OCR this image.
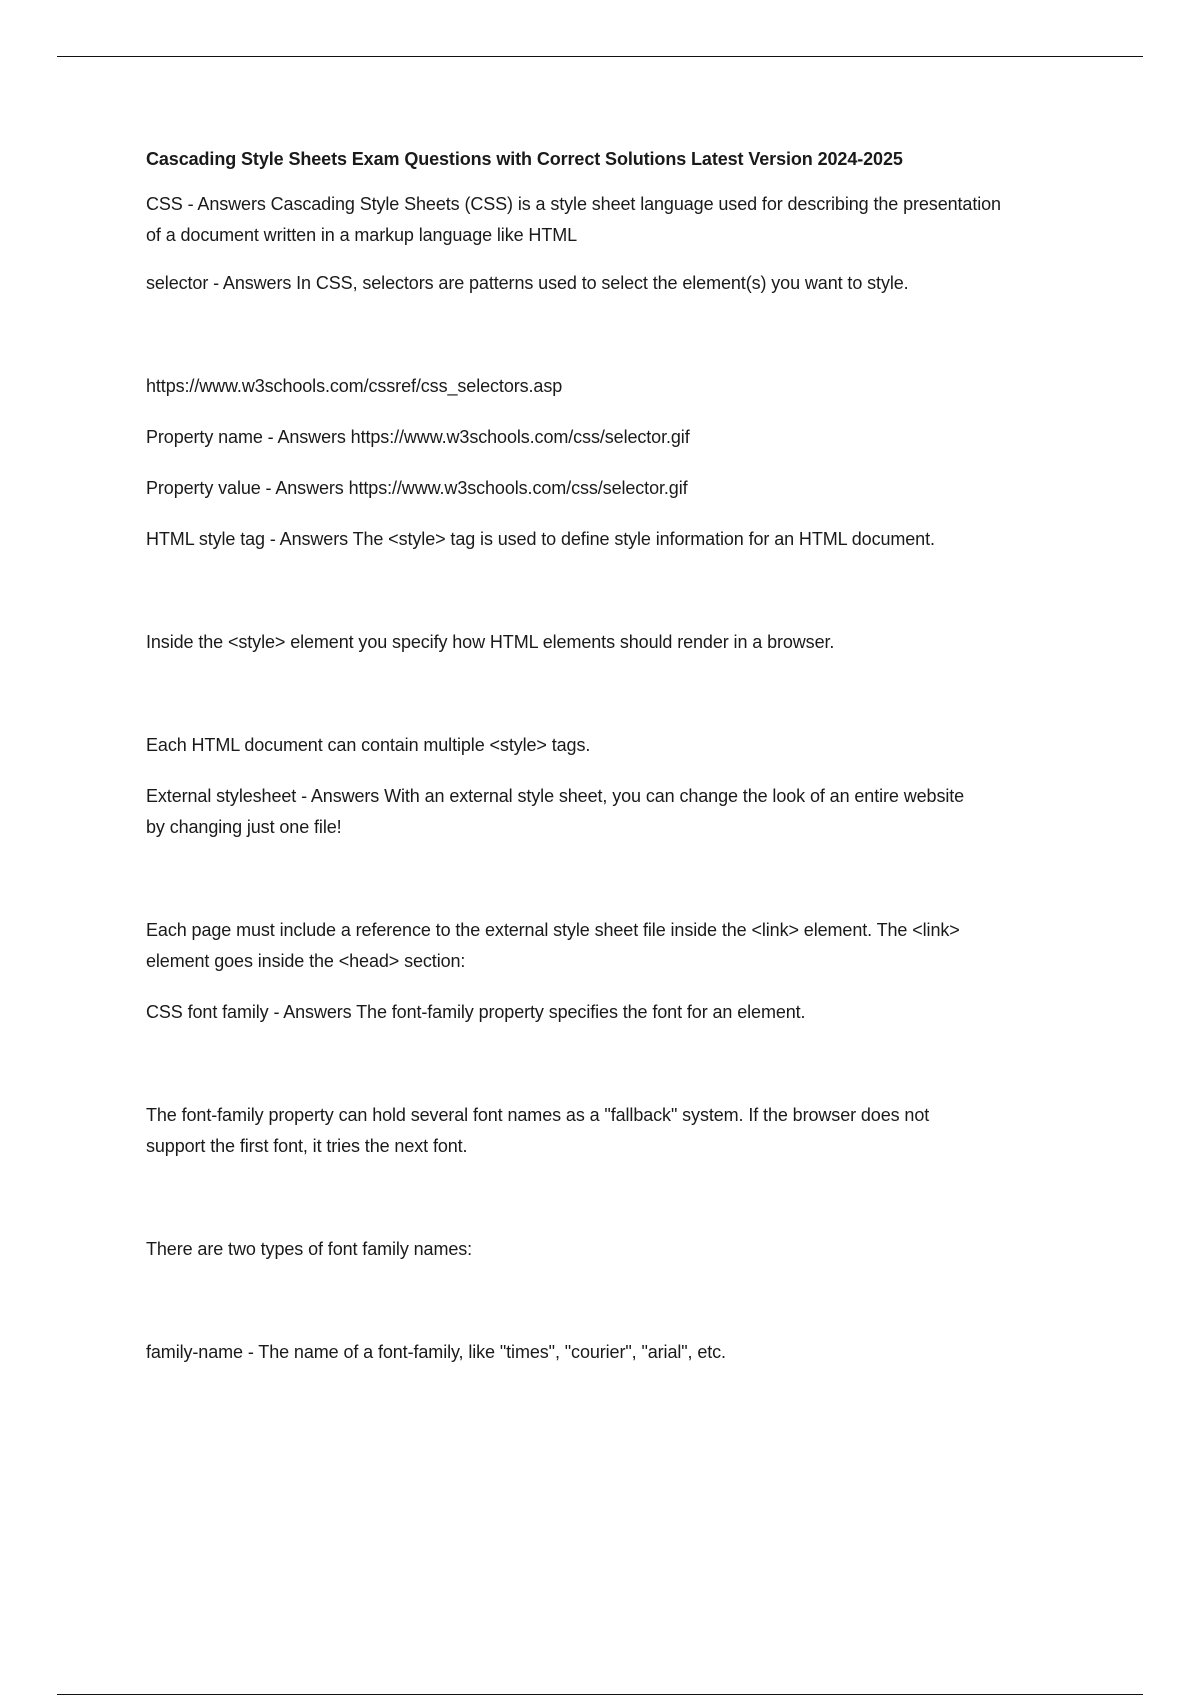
Cascading Style Sheets Exam Questions with Correct Solutions Latest Version 2024-2025

CSS - Answers Cascading Style Sheets (CSS) is a style sheet language used for describing the presentation
of a document written in a markup language like HTML

selector - Answers In CSS, selectors are patterns used to select the element(s) you want to style.

https://www.w3schools.com/cssref/css_selectors.asp

Property name - Answers https://www.w3schools.com/css/selector.gif

Property value - Answers https://www.w3schools.com/css/selector.gif

HTML style tag - Answers The <style> tag is used to define style information for an HTML document.

Inside the <style> element you specify how HTML elements should render in a browser.

Each HTML document can contain multiple <style> tags.

External stylesheet - Answers With an external style sheet, you can change the look of an entire website
by changing just one file!

Each page must include a reference to the external style sheet file inside the <link> element. The <link>
element goes inside the <head> section:

CSS font family - Answers The font-family property specifies the font for an element.

The font-family property can hold several font names as a "fallback" system. If the browser does not
support the first font, it tries the next font.

There are two types of font family names:

family-name - The name of a font-family, like "times", "courier", "arial", etc.
